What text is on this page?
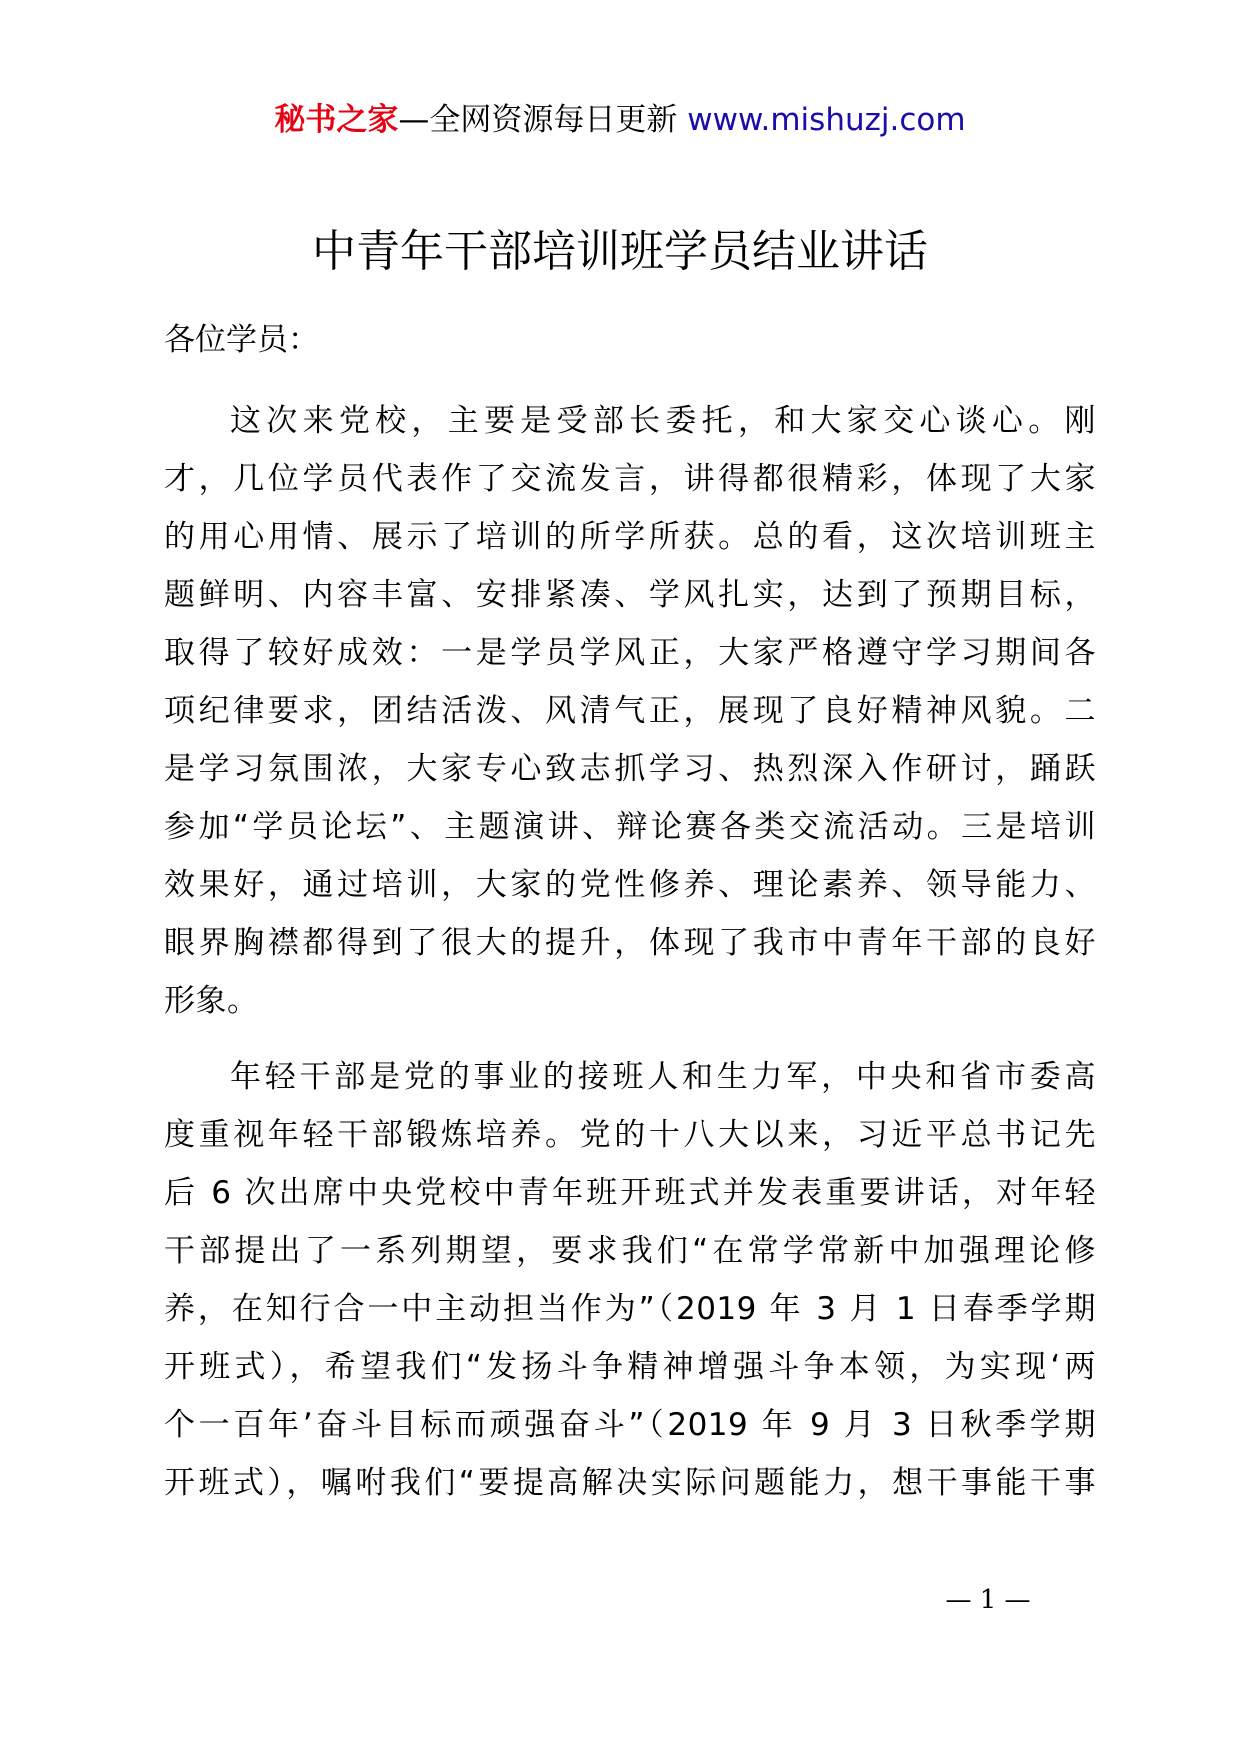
秘书之家—全网资源每日更新 www.mishuzj.com
中青年干部培训班学员结业讲话
各位学员：
这次来党校，主要是受部长委托，和大家交心谈心。刚
才，几位学员代表作了交流发言，讲得都很精彩，体现了大家
的用心用情、展示了培训的所学所获。总的看，这次培训班主
题鲜明、内容丰富、安排紧凑、学风扎实，达到了预期目标，
取得了较好成效：一是学员学风正，大家严格遵守学习期间各
项纪律要求，团结活泼、风清气正，展现了良好精神风貌。二
是学习氛围浓，大家专心致志抓学习、热烈深入作研讨，踊跃
参加“学员论坛”、主题演讲、辩论赛各类交流活动。三是培训
效果好，通过培训，大家的党性修养、理论素养、领导能力、
眼界胸襟都得到了很大的提升，体现了我市中青年干部的良好
形象。
年轻干部是党的事业的接班人和生力军，中央和省市委高
度重视年轻干部锻炼培养。党的十八大以来，习近平总书记先
后 6 次出席中央党校中青年班开班式并发表重要讲话，对年轻
干部提出了一系列期望，要求我们“在常学常新中加强理论修
养，在知行合一中主动担当作为”（2019 年 3 月 1 日春季学期
开班式），希望我们“发扬斗争精神增强斗争本领，为实现‘两
个一百年’奋斗目标而顽强奋斗”（2019 年 9 月 3 日秋季学期
开班式），嘱咐我们“要提高解决实际问题能力，想干事能干事
— 1 —
